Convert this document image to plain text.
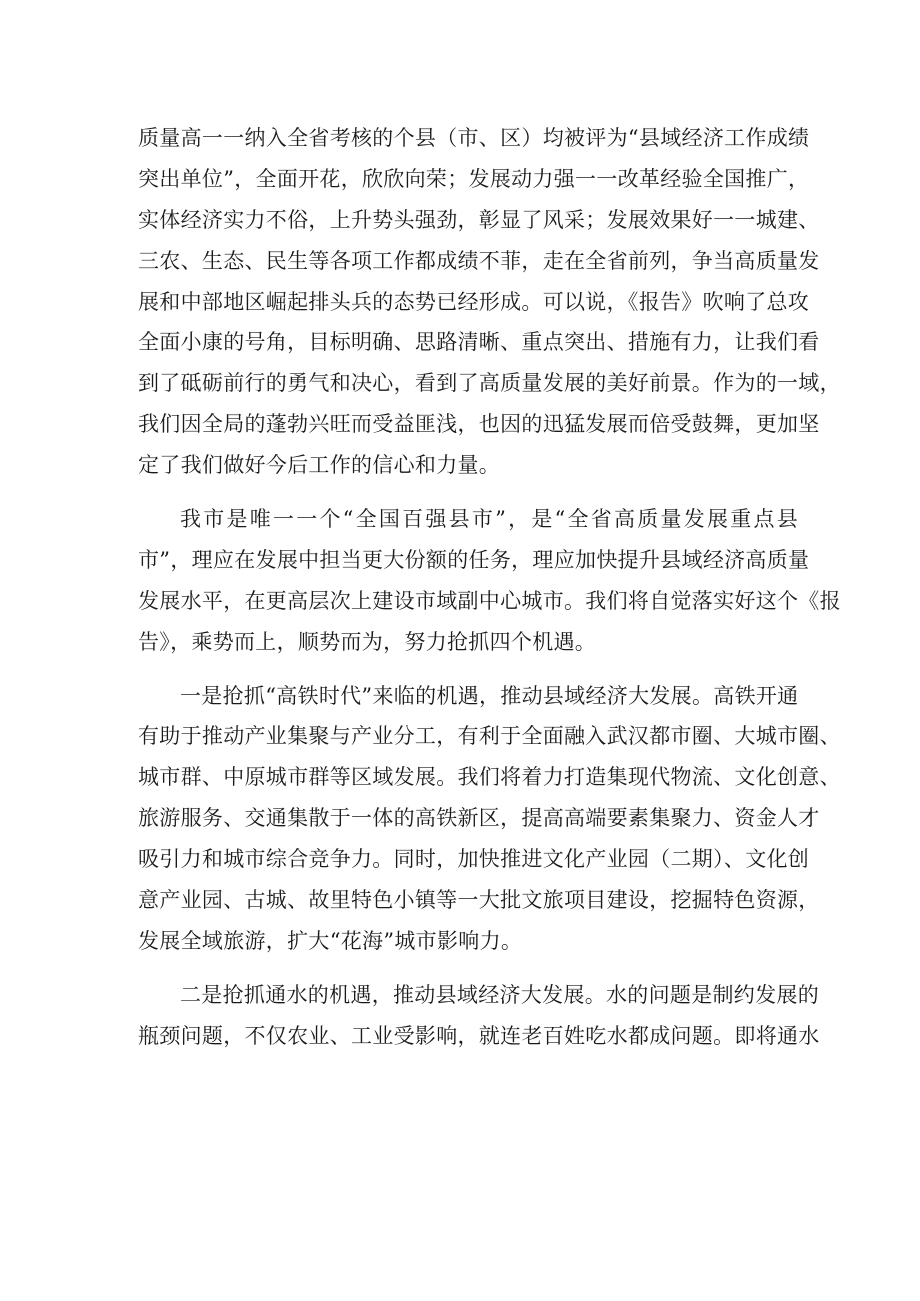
质量高一一纳入全省考核的个县（市、区）均被评为“县域经济工作成绩
突出单位”，全面开花，欣欣向荣；发展动力强一一改革经验全国推广，
实体经济实力不俗，上升势头强劲，彰显了风采；发展效果好一一城建、
三农、生态、民生等各项工作都成绩不菲，走在全省前列，争当高质量发
展和中部地区崛起排头兵的态势已经形成。可以说，《报告》吹响了总攻
全面小康的号角，目标明确、思路清晰、重点突出、措施有力，让我们看
到了砥砺前行的勇气和决心，看到了高质量发展的美好前景。作为的一域，
我们因全局的蓬勃兴旺而受益匪浅，也因的迅猛发展而倍受鼓舞，更加坚
定了我们做好今后工作的信心和力量。
我市是唯一一个“全国百强县市”，是“全省高质量发展重点县
市”，理应在发展中担当更大份额的任务，理应加快提升县域经济高质量
发展水平，在更高层次上建设市域副中心城市。我们将自觉落实好这个《报
告》，乘势而上，顺势而为，努力抢抓四个机遇。
一是抢抓“高铁时代”来临的机遇，推动县域经济大发展。高铁开通
有助于推动产业集聚与产业分工，有利于全面融入武汉都市圈、大城市圈、
城市群、中原城市群等区域发展。我们将着力打造集现代物流、文化创意、
旅游服务、交通集散于一体的高铁新区，提高高端要素集聚力、资金人才
吸引力和城市综合竞争力。同时，加快推进文化产业园（二期）、文化创
意产业园、古城、故里特色小镇等一大批文旅项目建设，挖掘特色资源，
发展全域旅游，扩大“花海”城市影响力。
二是抢抓通水的机遇，推动县域经济大发展。水的问题是制约发展的
瓶颈问题，不仅农业、工业受影响，就连老百姓吃水都成问题。即将通水
